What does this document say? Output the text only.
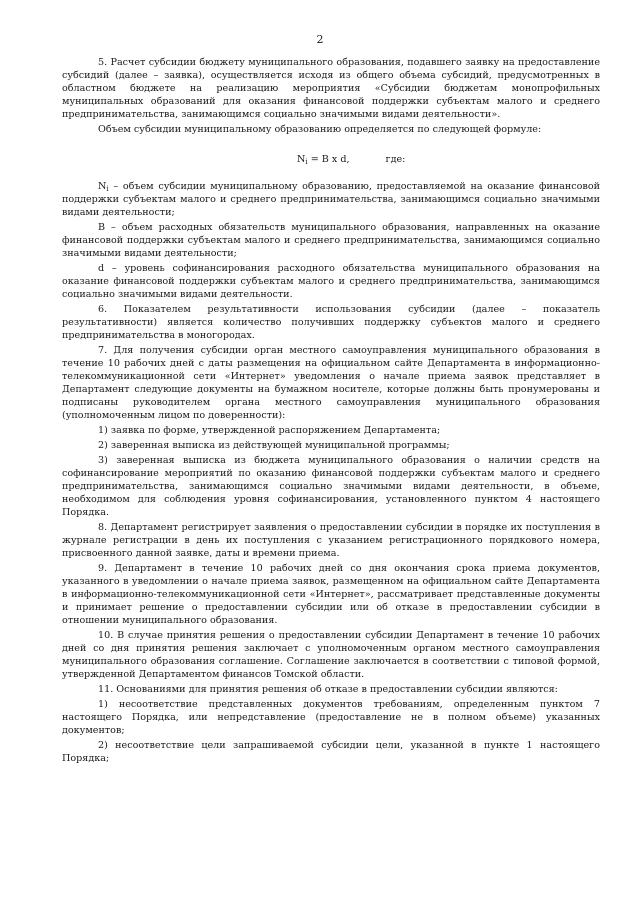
2

5. Расчет субсидии бюджету муниципального образования, подавшего заявку на предоставление субсидий (далее – заявка), осуществляется исходя из общего объема субсидий, предусмотренных в областном бюджете на реализацию мероприятия «Субсидии бюджетам монопрофильных муниципальных образований для оказания финансовой поддержки субъектам малого и среднего предпринимательства, занимающимся социально значимыми видами деятельности».

Объем субсидии муниципальному образованию определяется по следующей формуле:

$N_i = B$ x d,	где:

$N_i$ – объем субсидии муниципальному образованию, предоставляемой на оказание финансовой поддержки субъектам малого и среднего предпринимательства, занимающимся социально значимыми видами деятельности;

B – объем расходных обязательств муниципального образования, направленных на оказание финансовой поддержки субъектам малого и среднего предпринимательства, занимающимся социально значимыми видами деятельности;

d – уровень софинансирования расходного обязательства муниципального образования на оказание финансовой поддержки субъектам малого и среднего предпринимательства, занимающимся социально значимыми видами деятельности.

6. Показателем результативности использования субсидии (далее – показатель результативности) является количество получивших поддержку субъектов малого и среднего предпринимательства в моногородах.

7. Для получения субсидии орган местного самоуправления муниципального образования в течение 10 рабочих дней с даты размещения на официальном сайте Департамента в информационно-телекоммуникационной сети «Интернет» уведомления о начале приема заявок представляет в Департамент следующие документы на бумажном носителе, которые должны быть пронумерованы и подписаны руководителем органа местного самоуправления муниципального образования (уполномоченным лицом по доверенности):

1) заявка по форме, утвержденной распоряжением Департамента;

2) заверенная выписка из действующей муниципальной программы;

3) заверенная выписка из бюджета муниципального образования о наличии средств на софинансирование мероприятий по оказанию финансовой поддержки субъектам малого и среднего предпринимательства, занимающимся социально значимыми видами деятельности, в объеме, необходимом для соблюдения уровня софинансирования, установленного пунктом 4 настоящего Порядка.

8. Департамент регистрирует заявления о предоставлении субсидии в порядке их поступления в журнале регистрации в день их поступления с указанием регистрационного порядкового номера, присвоенного данной заявке, даты и времени приема.

9. Департамент в течение 10 рабочих дней со дня окончания срока приема документов, указанного в уведомлении о начале приема заявок, размещенном на официальном сайте Департамента в информационно-телекоммуникационной сети «Интернет», рассматривает представленные документы и принимает решение о предоставлении субсидии или об отказе в предоставлении субсидии в отношении муниципального образования.

10. В случае принятия решения о предоставлении субсидии Департамент в течение 10 рабочих дней со дня принятия решения заключает с уполномоченным органом местного самоуправления муниципального образования соглашение. Соглашение заключается в соответствии с типовой формой, утвержденной Департаментом финансов Томской области.

11. Основаниями для принятия решения об отказе в предоставлении субсидии являются:

1) несоответствие представленных документов требованиям, определенным пунктом 7 настоящего Порядка, или непредставление (предоставление не в полном объеме) указанных документов;

2) несоответствие цели запрашиваемой субсидии цели, указанной в пункте 1 настоящего Порядка;
